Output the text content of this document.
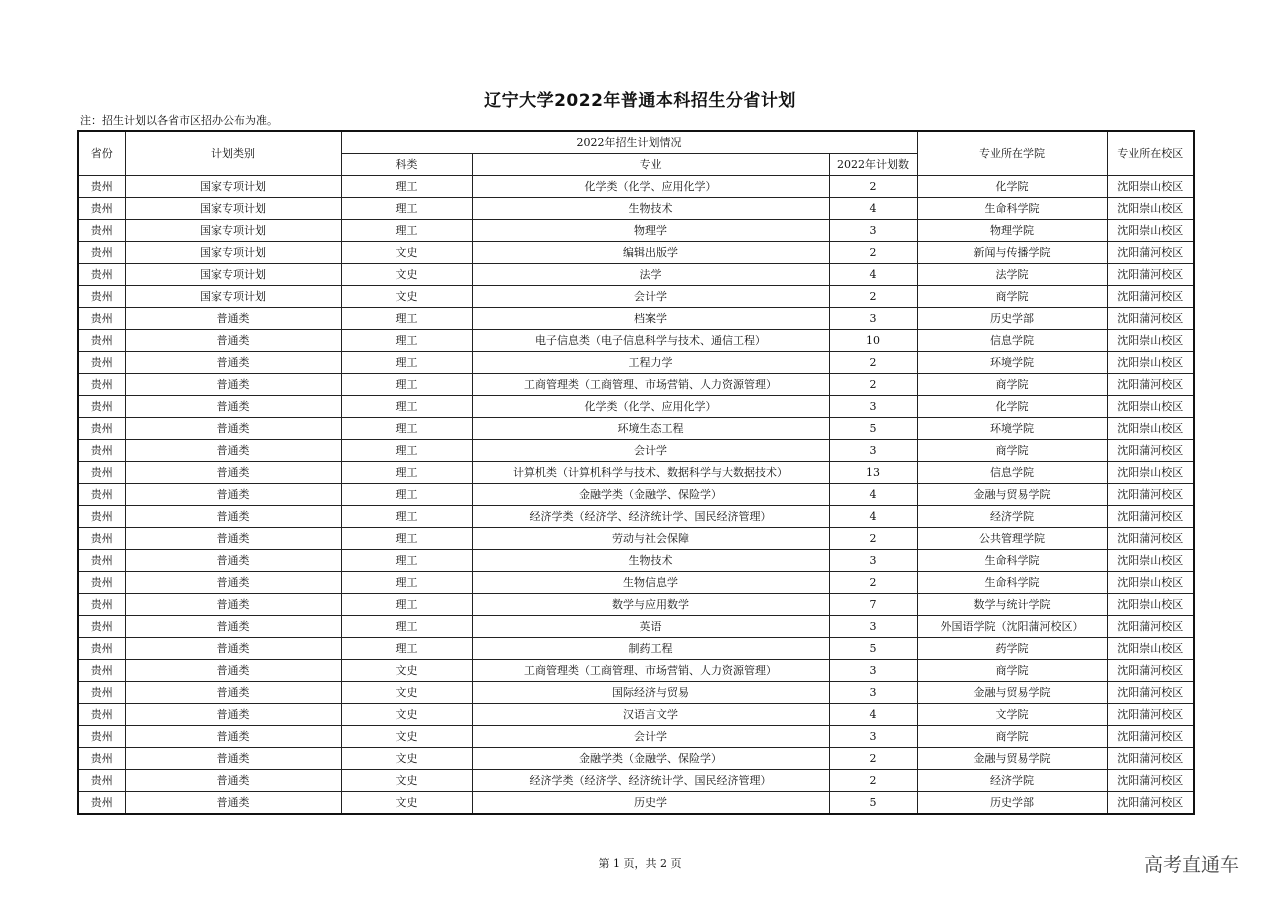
辽宁大学2022年普通本科招生分省计划
注：招生计划以各省市区招办公布为准。
省份	计划类别	2022年招生计划情况			专业所在学院	专业所在校区
		科类	专业	2022年计划数		
贵州	国家专项计划	理工	化学类（化学、应用化学）	2	化学院	沈阳崇山校区
贵州	国家专项计划	理工	生物技术	4	生命科学院	沈阳崇山校区
贵州	国家专项计划	理工	物理学	3	物理学院	沈阳崇山校区
贵州	国家专项计划	文史	编辑出版学	2	新闻与传播学院	沈阳蒲河校区
贵州	国家专项计划	文史	法学	4	法学院	沈阳蒲河校区
贵州	国家专项计划	文史	会计学	2	商学院	沈阳蒲河校区
贵州	普通类	理工	档案学	3	历史学部	沈阳蒲河校区
贵州	普通类	理工	电子信息类（电子信息科学与技术、通信工程）	10	信息学院	沈阳崇山校区
贵州	普通类	理工	工程力学	2	环境学院	沈阳崇山校区
贵州	普通类	理工	工商管理类（工商管理、市场营销、人力资源管理）	2	商学院	沈阳蒲河校区
贵州	普通类	理工	化学类（化学、应用化学）	3	化学院	沈阳崇山校区
贵州	普通类	理工	环境生态工程	5	环境学院	沈阳崇山校区
贵州	普通类	理工	会计学	3	商学院	沈阳蒲河校区
贵州	普通类	理工	计算机类（计算机科学与技术、数据科学与大数据技术）	13	信息学院	沈阳崇山校区
贵州	普通类	理工	金融学类（金融学、保险学）	4	金融与贸易学院	沈阳蒲河校区
贵州	普通类	理工	经济学类（经济学、经济统计学、国民经济管理）	4	经济学院	沈阳蒲河校区
贵州	普通类	理工	劳动与社会保障	2	公共管理学院	沈阳蒲河校区
贵州	普通类	理工	生物技术	3	生命科学院	沈阳崇山校区
贵州	普通类	理工	生物信息学	2	生命科学院	沈阳崇山校区
贵州	普通类	理工	数学与应用数学	7	数学与统计学院	沈阳崇山校区
贵州	普通类	理工	英语	3	外国语学院（沈阳蒲河校区）	沈阳蒲河校区
贵州	普通类	理工	制药工程	5	药学院	沈阳崇山校区
贵州	普通类	文史	工商管理类（工商管理、市场营销、人力资源管理）	3	商学院	沈阳蒲河校区
贵州	普通类	文史	国际经济与贸易	3	金融与贸易学院	沈阳蒲河校区
贵州	普通类	文史	汉语言文学	4	文学院	沈阳蒲河校区
贵州	普通类	文史	会计学	3	商学院	沈阳蒲河校区
贵州	普通类	文史	金融学类（金融学、保险学）	2	金融与贸易学院	沈阳蒲河校区
贵州	普通类	文史	经济学类（经济学、经济统计学、国民经济管理）	2	经济学院	沈阳蒲河校区
贵州	普通类	文史	历史学	5	历史学部	沈阳蒲河校区
第 1 页，共 2 页	高考直通车
